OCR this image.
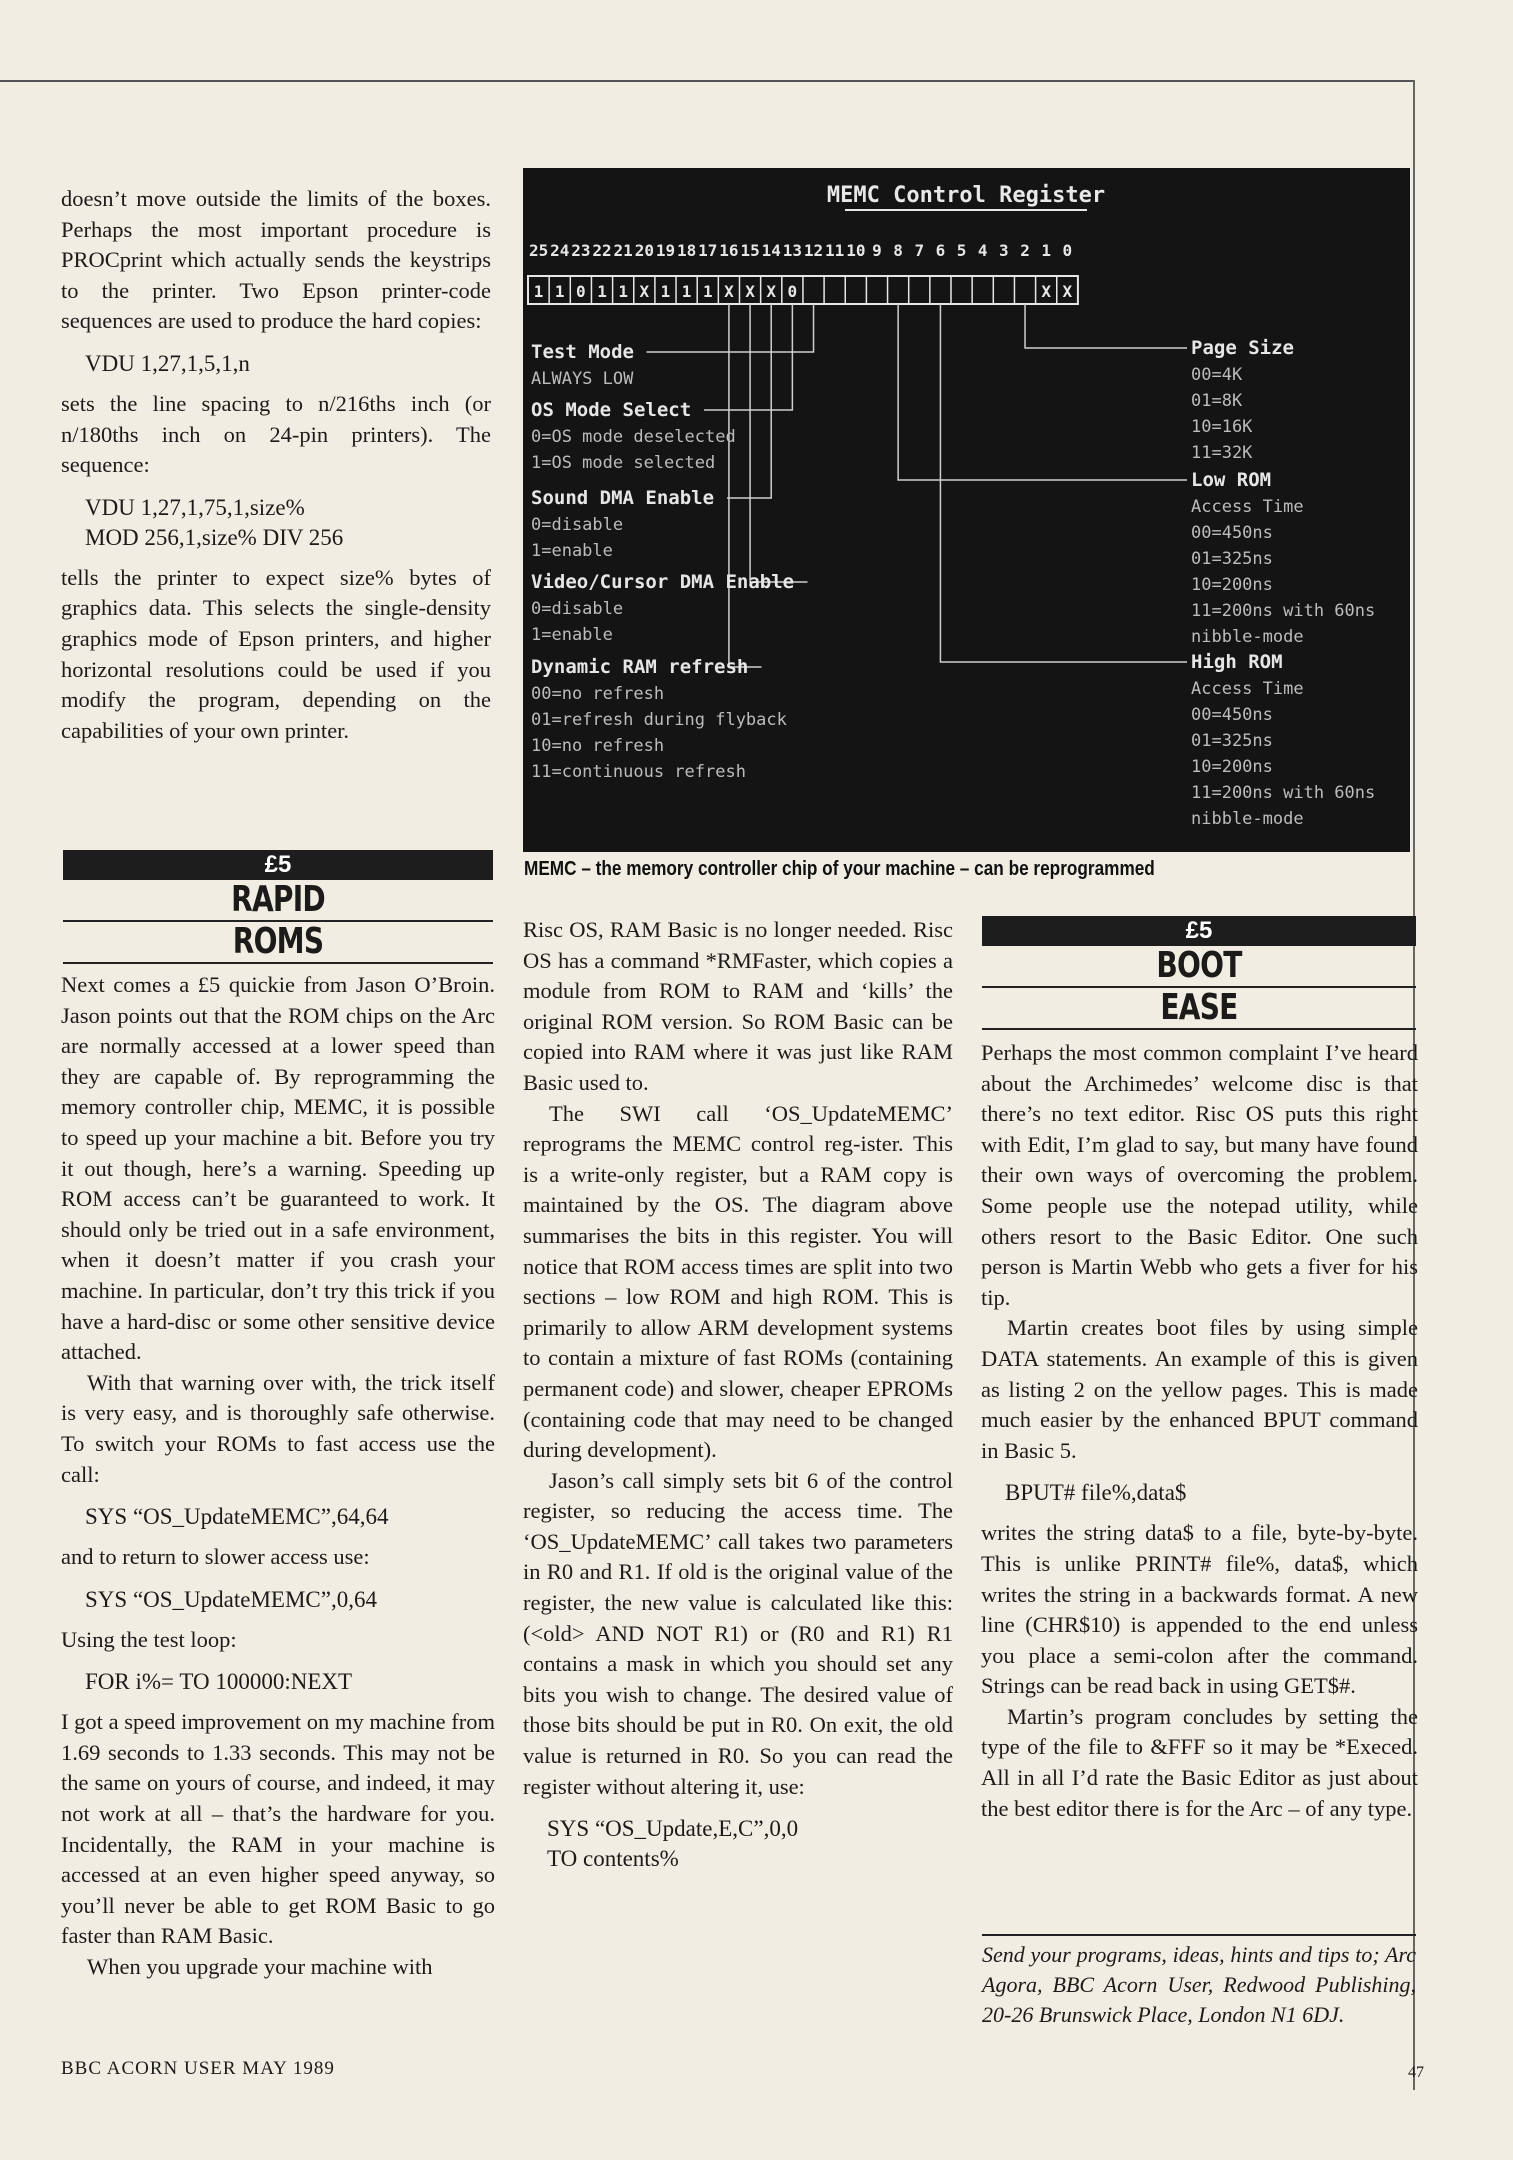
doesn’t move outside the limits of the boxes. Perhaps the most important procedure is PROCprint which actually sends the keystrips to the printer. Two Epson printer-code sequences are used to produce the hard copies:

VDU 1,27,1,5,1,n

sets the line spacing to n/216ths inch (or n/180ths inch on 24-pin printers). The sequence:

VDU 1,27,1,75,1,size%
MOD 256,1,size% DIV 256

tells the printer to expect size% bytes of graphics data. This selects the single-density graphics mode of Epson printers, and higher horizontal resolutions could be used if you modify the program, depending on the capabilities of your own printer.

£5
RAPID
ROMS

Next comes a £5 quickie from Jason O’Broin. Jason points out that the ROM chips on the Arc are normally accessed at a lower speed than they are capable of. By reprogramming the memory controller chip, MEMC, it is possible to speed up your machine a bit. Before you try it out though, here’s a warning. Speeding up ROM access can’t be guaranteed to work. It should only be tried out in a safe environment, when it doesn’t matter if you crash your machine. In particular, don’t try this trick if you have a hard-disc or some other sensitive device attached.

With that warning over with, the trick itself is very easy, and is thoroughly safe otherwise. To switch your ROMs to fast access use the call:

SYS “OS_UpdateMEMC”,64,64

and to return to slower access use:

SYS “OS_UpdateMEMC”,0,64

Using the test loop:

FOR i%= TO 100000:NEXT

I got a speed improvement on my machine from 1.69 seconds to 1.33 seconds. This may not be the same on yours of course, and indeed, it may not work at all – that’s the hardware for you. Incidentally, the RAM in your machine is accessed at an even higher speed anyway, so you’ll never be able to get ROM Basic to go faster than RAM Basic.

When you upgrade your machine with

MEMC Control Register
25 24 23 22 21 20 19 18 17 16 15 14 13 12 11 10 9 8 7 6 5 4 3 2 1 0
1 1 0 1 1 X 1 1 1 X X X 0	X X
Test Mode
ALWAYS LOW
OS Mode Select
0=OS mode deselected
1=OS mode selected
Sound DMA Enable
0=disable
1=enable
Video/Cursor DMA Enable
0=disable
1=enable
Dynamic RAM refresh
00=no refresh
01=refresh during flyback
10=no refresh
11=continuous refresh
Page Size
00=4K
01=8K
10=16K
11=32K
Low ROM
Access Time
00=450ns
01=325ns
10=200ns
11=200ns with 60ns
nibble-mode
High ROM
Access Time
00=450ns
01=325ns
10=200ns
11=200ns with 60ns
nibble-mode
MEMC – the memory controller chip of your machine – can be reprogrammed

Risc OS, RAM Basic is no longer needed. Risc OS has a command *RMFaster, which copies a module from ROM to RAM and ‘kills’ the original ROM version. So ROM Basic can be copied into RAM where it was just like RAM Basic used to.

The SWI call ‘OS_UpdateMEMC’ reprograms the MEMC control reg-ister. This is a write-only register, but a RAM copy is maintained by the OS. The diagram above summarises the bits in this register. You will notice that ROM access times are split into two sections – low ROM and high ROM. This is primarily to allow ARM development systems to contain a mixture of fast ROMs (containing permanent code) and slower, cheaper EPROMs (containing code that may need to be changed during development).

Jason’s call simply sets bit 6 of the control register, so reducing the access time. The ‘OS_UpdateMEMC’ call takes two parameters in R0 and R1. If old is the original value of the register, the new value is calculated like this: (<old> AND NOT R1) or (R0 and R1) R1 contains a mask in which you should set any bits you wish to change. The desired value of those bits should be put in R0. On exit, the old value is returned in R0. So you can read the register without altering it, use:

SYS “OS_Update,E,C”,0,0
TO contents%
£5
BOOT
EASE

Perhaps the most common complaint I’ve heard about the Archimedes’ welcome disc is that there’s no text editor. Risc OS puts this right with Edit, I’m glad to say, but many have found their own ways of overcoming the problem. Some people use the notepad utility, while others resort to the Basic Editor. One such person is Martin Webb who gets a fiver for his tip.

Martin creates boot files by using simple DATA statements. An example of this is given as listing 2 on the yellow pages. This is made much easier by the enhanced BPUT command in Basic 5.

BPUT# file%,data$

writes the string data$ to a file, byte-by-byte. This is unlike PRINT# file%, data$, which writes the string in a backwards format. A new line (CHR$10) is appended to the end unless you place a semi-colon after the command. Strings can be read back in using GET$#.

Martin’s program concludes by setting the type of the file to &FFF so it may be *Execed. All in all I’d rate the Basic Editor as just about the best editor there is for the Arc – of any type.

Send your programs, ideas, hints and tips to; Arc Agora, BBC Acorn User, Redwood Publishing, 20-26 Brunswick Place, London N1 6DJ.

BBC ACORN USER MAY 1989	47
